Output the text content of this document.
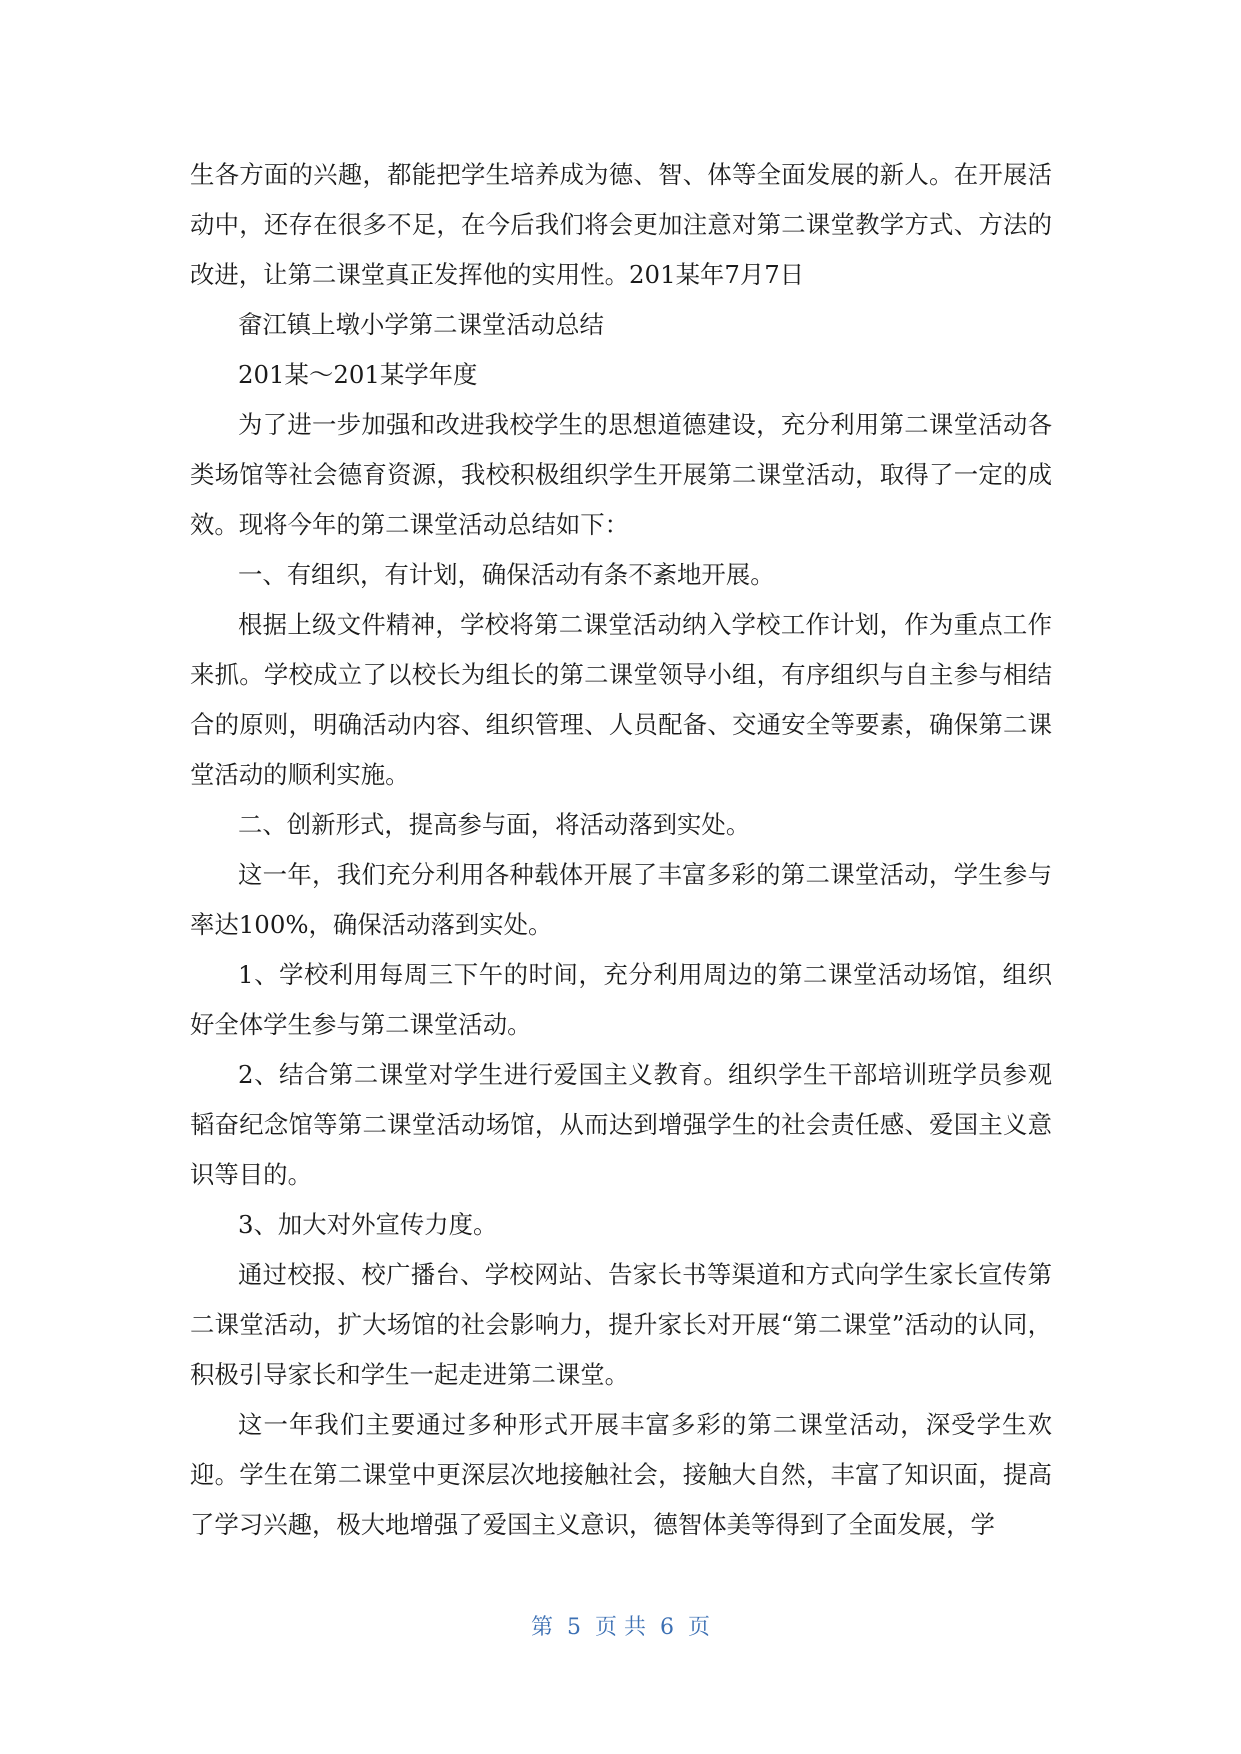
生各方面的兴趣，都能把学生培养成为德、智、体等全面发展的新人。在开展活动中，还存在很多不足，在今后我们将会更加注意对第二课堂教学方式、方法的改进，让第二课堂真正发挥他的实用性。201某年7月7日

畲江镇上墩小学第二课堂活动总结

201某～201某学年度

为了进一步加强和改进我校学生的思想道德建设，充分利用第二课堂活动各类场馆等社会德育资源，我校积极组织学生开展第二课堂活动，取得了一定的成效。现将今年的第二课堂活动总结如下：

一、有组织，有计划，确保活动有条不紊地开展。

根据上级文件精神，学校将第二课堂活动纳入学校工作计划，作为重点工作来抓。学校成立了以校长为组长的第二课堂领导小组，有序组织与自主参与相结合的原则，明确活动内容、组织管理、人员配备、交通安全等要素，确保第二课堂活动的顺利实施。

二、创新形式，提高参与面，将活动落到实处。

这一年，我们充分利用各种载体开展了丰富多彩的第二课堂活动，学生参与率达100%，确保活动落到实处。

1、学校利用每周三下午的时间，充分利用周边的第二课堂活动场馆，组织好全体学生参与第二课堂活动。

2、结合第二课堂对学生进行爱国主义教育。组织学生干部培训班学员参观韬奋纪念馆等第二课堂活动场馆，从而达到增强学生的社会责任感、爱国主义意识等目的。

3、加大对外宣传力度。

通过校报、校广播台、学校网站、告家长书等渠道和方式向学生家长宣传第二课堂活动，扩大场馆的社会影响力，提升家长对开展“第二课堂”活动的认同，积极引导家长和学生一起走进第二课堂。

这一年我们主要通过多种形式开展丰富多彩的第二课堂活动，深受学生欢迎。学生在第二课堂中更深层次地接触社会，接触大自然，丰富了知识面，提高了学习兴趣，极大地增强了爱国主义意识，德智体美等得到了全面发展，学

第  5  页 共  6  页
